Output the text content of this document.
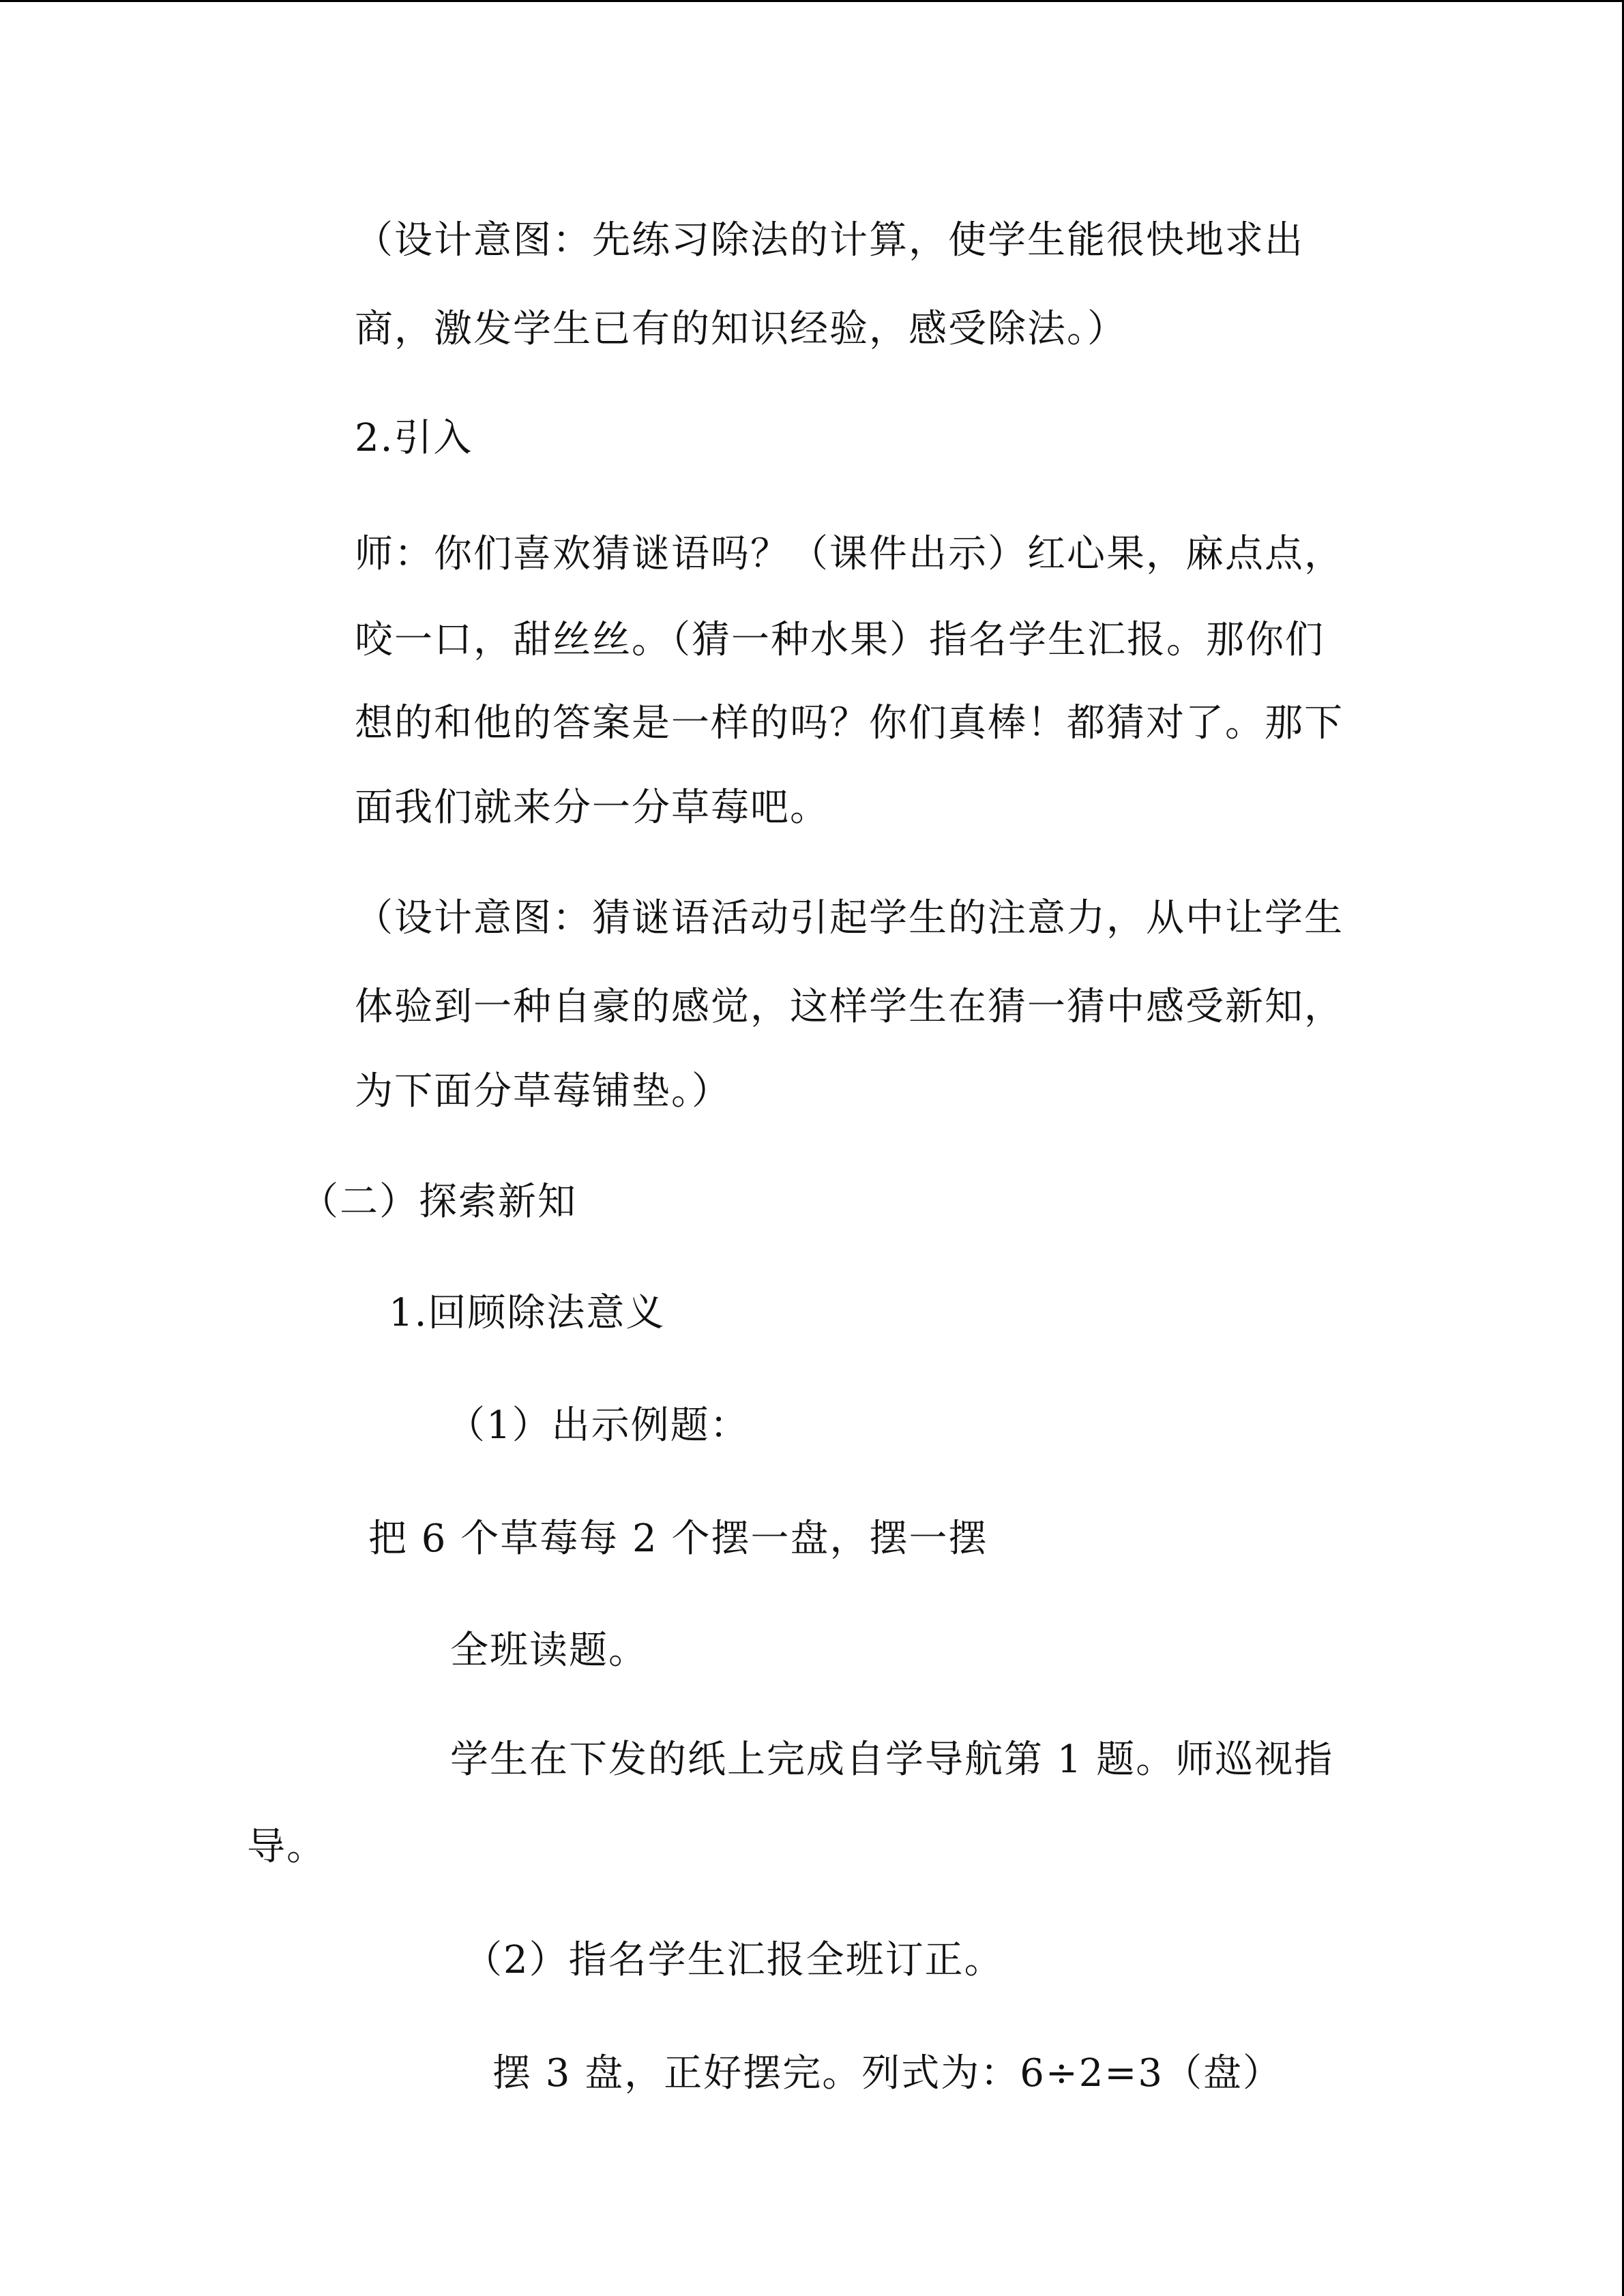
（设计意图：先练习除法的计算，使学生能很快地求出

商，激发学生已有的知识经验，感受除法。）

2.引入

师：你们喜欢猜谜语吗？（课件出示）红心果，麻点点，

咬一口，甜丝丝。（猜一种水果）指名学生汇报。那你们

想的和他的答案是一样的吗？你们真棒！都猜对了。那下

面我们就来分一分草莓吧。

（设计意图：猜谜语活动引起学生的注意力，从中让学生

体验到一种自豪的感觉，这样学生在猜一猜中感受新知，

为下面分草莓铺垫。）

（二）探索新知

1.回顾除法意义

（1）出示例题：

把 6 个草莓每 2 个摆一盘，摆一摆

全班读题。

学生在下发的纸上完成自学导航第 1 题。师巡视指

导。

（2）指名学生汇报全班订正。

摆 3 盘，正好摆完。列式为：6÷2=3（盘）
